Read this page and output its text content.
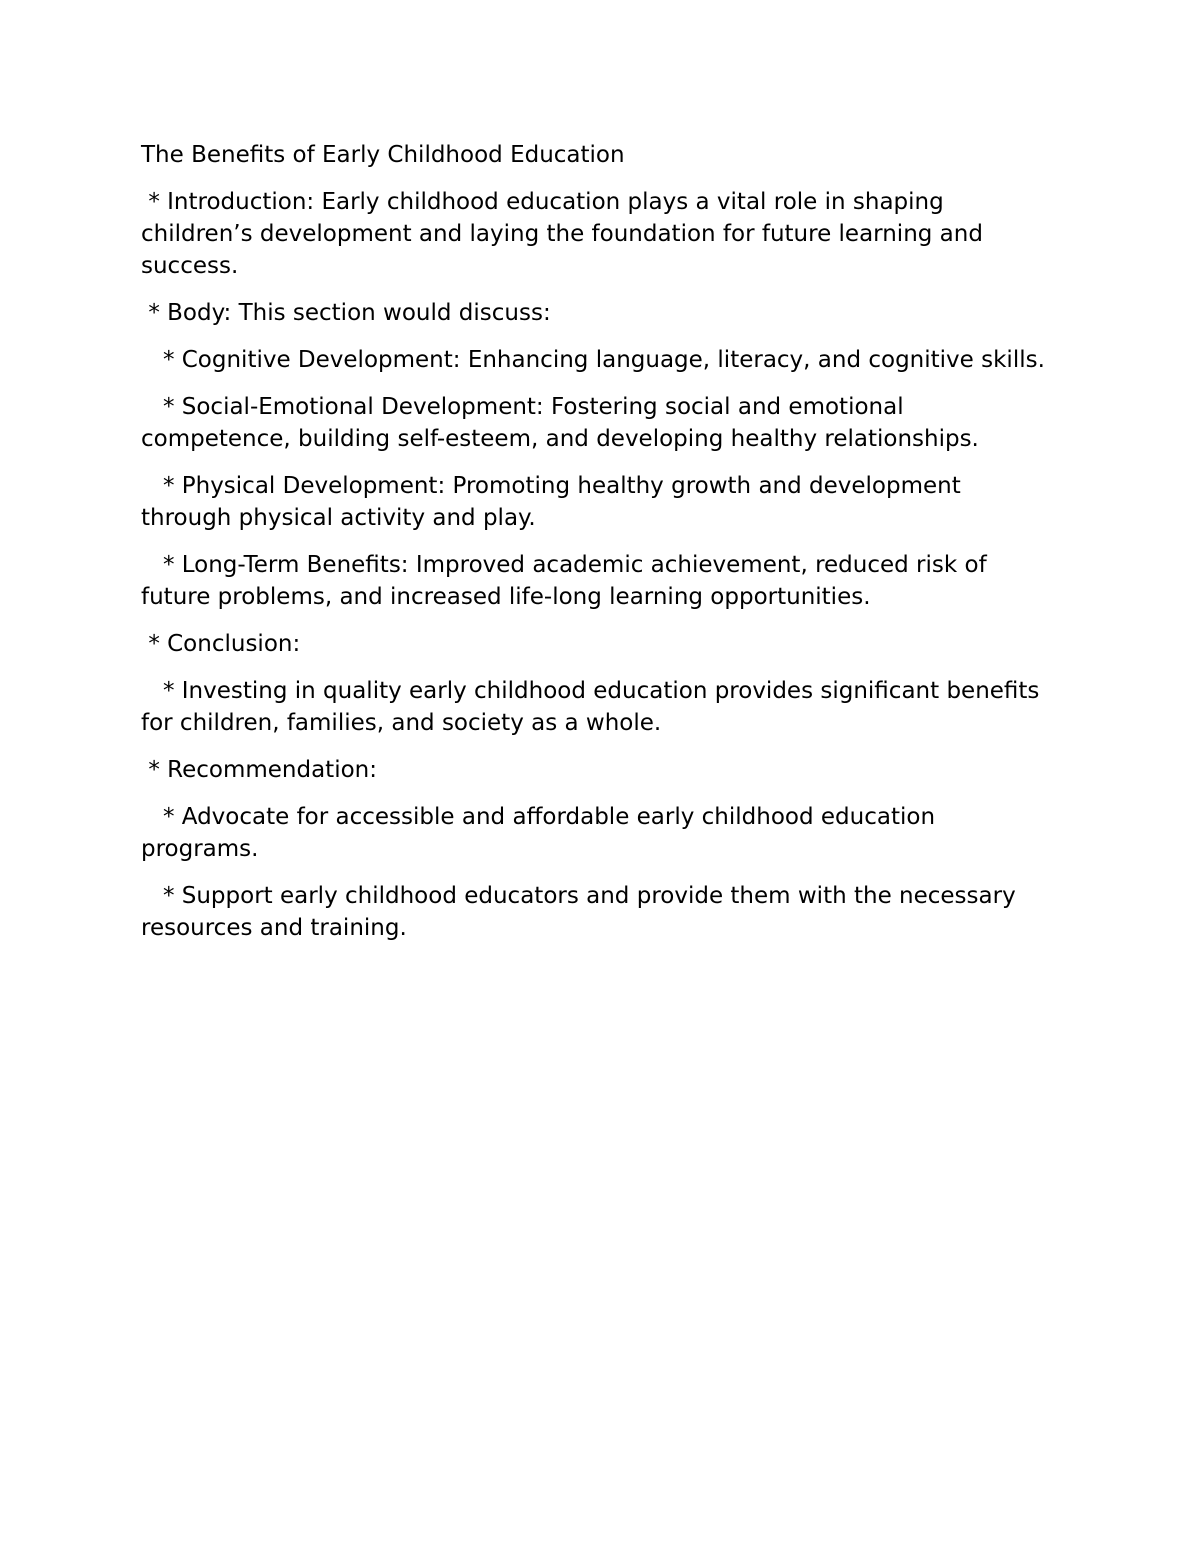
The Benefits of Early Childhood Education

* Introduction: Early childhood education plays a vital role in shaping children’s development and laying the foundation for future learning and success.

* Body: This section would discuss:

* Cognitive Development: Enhancing language, literacy, and cognitive skills.

* Social-Emotional Development: Fostering social and emotional competence, building self-esteem, and developing healthy relationships.

* Physical Development: Promoting healthy growth and development through physical activity and play.

* Long-Term Benefits: Improved academic achievement, reduced risk of future problems, and increased life-long learning opportunities.

* Conclusion:

* Investing in quality early childhood education provides significant benefits for children, families, and society as a whole.

* Recommendation:

* Advocate for accessible and affordable early childhood education programs.

* Support early childhood educators and provide them with the necessary resources and training.
